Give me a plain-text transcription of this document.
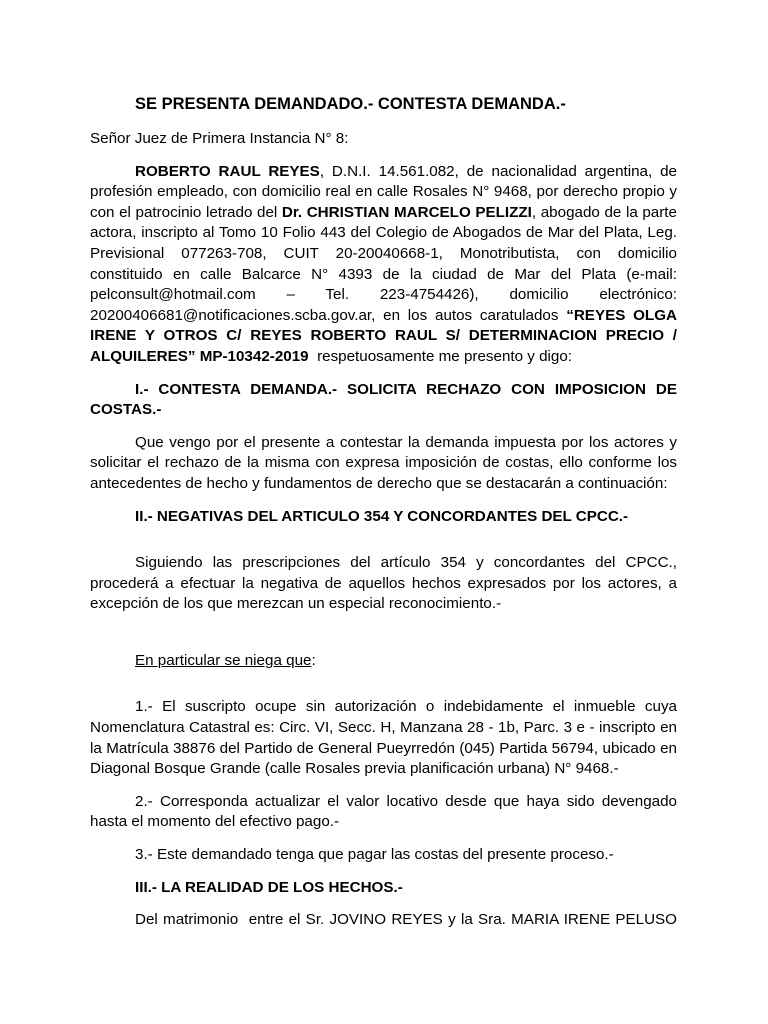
SE PRESENTA DEMANDADO.- CONTESTA DEMANDA.-

Señor Juez de Primera Instancia N° 8:

ROBERTO RAUL REYES, D.N.I. 14.561.082, de nacionalidad argentina, de profesión empleado, con domicilio real en calle Rosales N° 9468, por derecho propio y con el patrocinio letrado del Dr. CHRISTIAN MARCELO PELIZZI, abogado de la parte actora, inscripto al Tomo 10 Folio 443 del Colegio de Abogados de Mar del Plata, Leg. Previsional 077263-708, CUIT 20-20040668-1, Monotributista, con domicilio constituido en calle Balcarce N° 4393 de la ciudad de Mar del Plata (e-mail: pelconsult@hotmail.com – Tel. 223-4754426), domicilio electrónico: 20200406681@notificaciones.scba.gov.ar, en los autos caratulados “REYES OLGA IRENE Y OTROS C/ REYES ROBERTO RAUL S/ DETERMINACION PRECIO / ALQUILERES” MP-10342-2019  respetuosamente me presento y digo:

I.- CONTESTA DEMANDA.- SOLICITA RECHAZO CON IMPOSICION DE COSTAS.-

Que vengo por el presente a contestar la demanda impuesta por los actores y solicitar el rechazo de la misma con expresa imposición de costas, ello conforme los antecedentes de hecho y fundamentos de derecho que se destacarán a continuación:

II.- NEGATIVAS DEL ARTICULO 354 Y CONCORDANTES DEL CPCC.-

Siguiendo las prescripciones del artículo 354 y concordantes del CPCC., procederá a efectuar la negativa de aquellos hechos expresados por los actores, a excepción de los que merezcan un especial reconocimiento.-

En particular se niega que:

1.- El suscripto ocupe sin autorización o indebidamente el inmueble cuya Nomenclatura Catastral es: Circ. VI, Secc. H, Manzana 28 - 1b, Parc. 3 e - inscripto en la Matrícula 38876 del Partido de General Pueyrredón (045) Partida 56794, ubicado en Diagonal Bosque Grande (calle Rosales previa planificación urbana) N° 9468.-

2.- Corresponda actualizar el valor locativo desde que haya sido devengado hasta el momento del efectivo pago.-

3.- Este demandado tenga que pagar las costas del presente proceso.-

III.- LA REALIDAD DE LOS HECHOS.-

Del matrimonio  entre el Sr. JOVINO REYES y la Sra. MARIA IRENE PELUSO
